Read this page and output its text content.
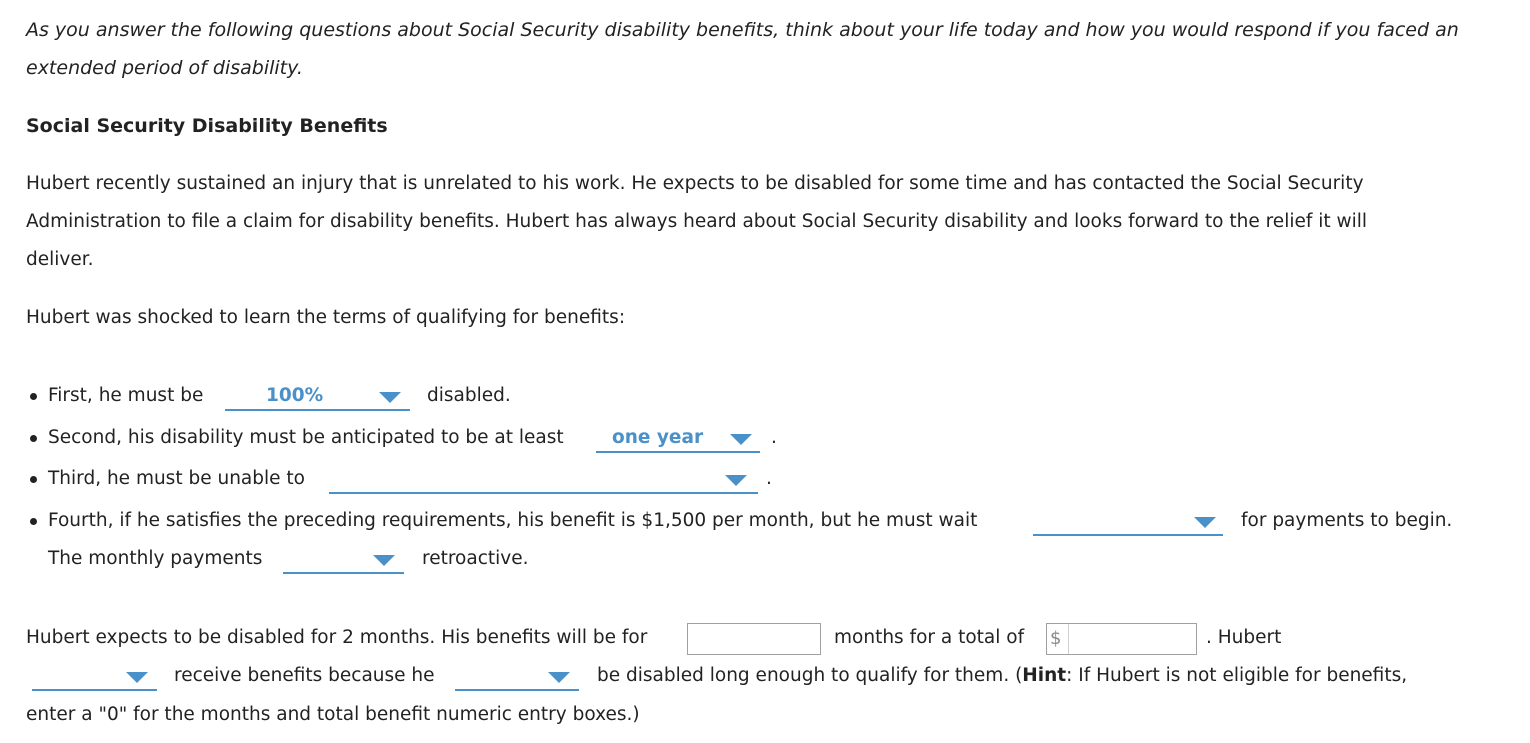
As you answer the following questions about Social Security disability benefits, think about your life today and how you would respond if you faced an
extended period of disability.
Social Security Disability Benefits
Hubert recently sustained an injury that is unrelated to his work. He expects to be disabled for some time and has contacted the Social Security
Administration to file a claim for disability benefits. Hubert has always heard about Social Security disability and looks forward to the relief it will
deliver.
Hubert was shocked to learn the terms of qualifying for benefits:
First, he must be	100%	disabled.
Second, his disability must be anticipated to be at least	one year	.
Third, he must be unable to	.
Fourth, if he satisfies the preceding requirements, his benefit is $1,500 per month, but he must wait	for payments to begin.
The monthly payments	retroactive.
Hubert expects to be disabled for 2 months. His benefits will be for	months for a total of $	. Hubert
receive benefits because he	be disabled long enough to qualify for them. (Hint: If Hubert is not eligible for benefits,
enter a "0" for the months and total benefit numeric entry boxes.)
